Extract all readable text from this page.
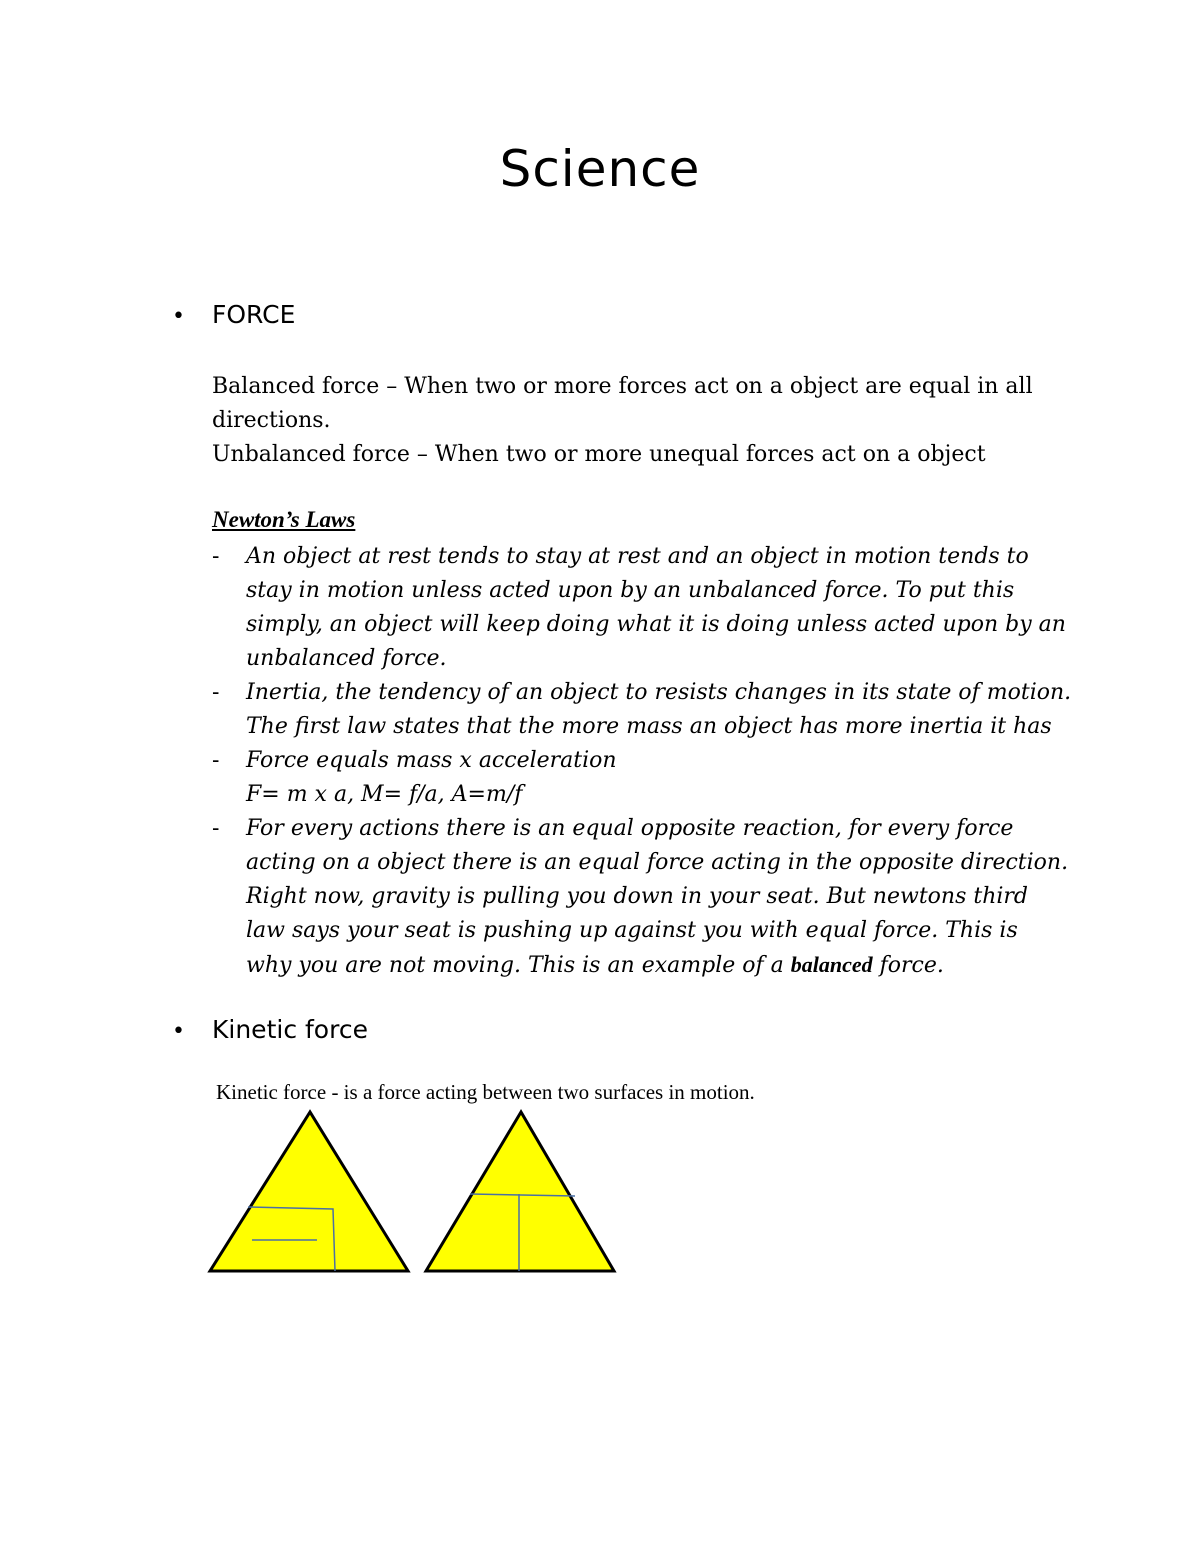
Science
• FORCE
Balanced force – When two or more forces act on a object are equal in all
directions.
Unbalanced force – When two or more unequal forces act on a object
Newton’s Laws
- An object at rest tends to stay at rest and an object in motion tends to
stay in motion unless acted upon by an unbalanced force. To put this
simply, an object will keep doing what it is doing unless acted upon by an
unbalanced force.
- Inertia, the tendency of an object to resists changes in its state of motion.
The first law states that the more mass an object has more inertia it has
- Force equals mass x acceleration
F= m x a, M= f/a, A=m/f
- For every actions there is an equal opposite reaction, for every force
acting on a object there is an equal force acting in the opposite direction.
Right now, gravity is pulling you down in your seat. But newtons third
law says your seat is pushing up against you with equal force. This is
why you are not moving. This is an example of a balanced force.
• Kinetic force
Kinetic force - is a force acting between two surfaces in motion.
